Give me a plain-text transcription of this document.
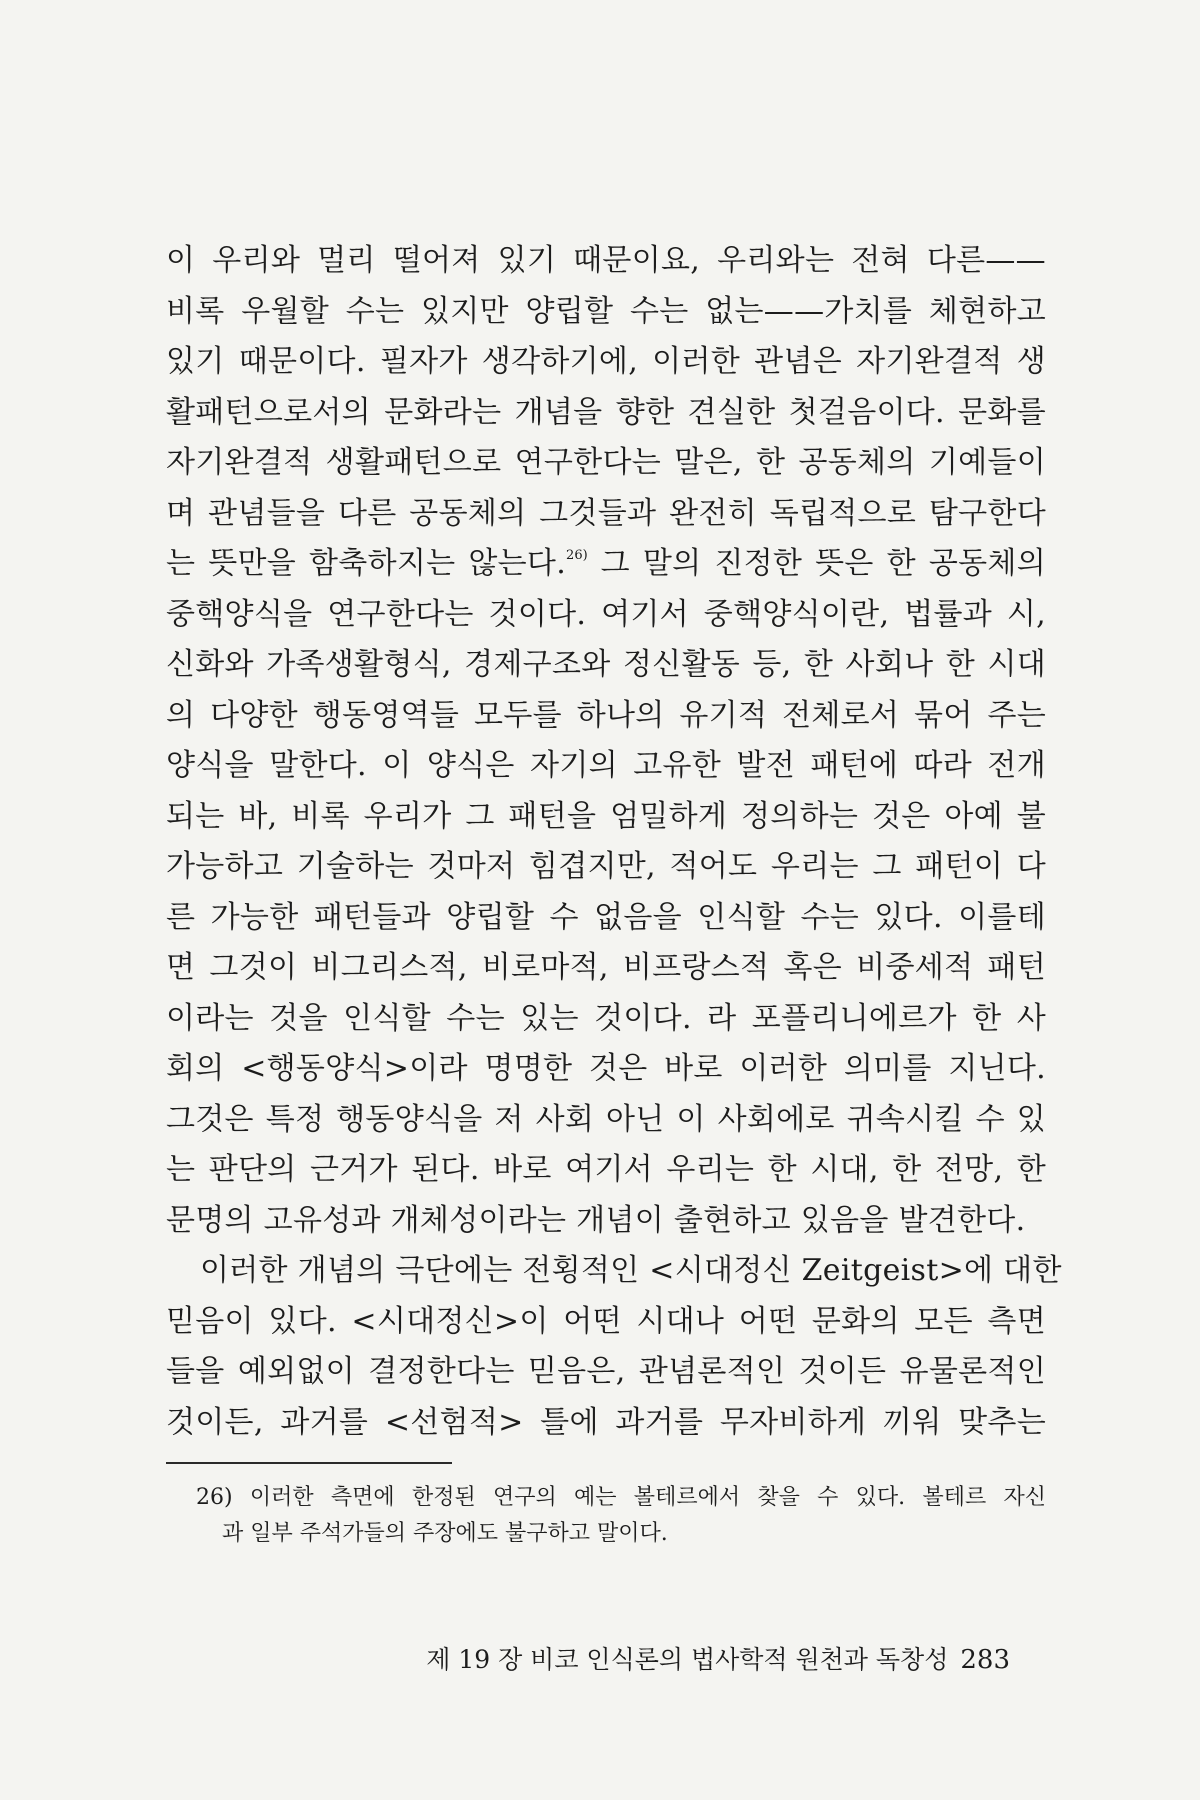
이 우리와 멀리 떨어져 있기 때문이요, 우리와는 전혀 다른——
비록 우월할 수는 있지만 양립할 수는 없는——가치를 체현하고
있기 때문이다. 필자가 생각하기에, 이러한 관념은 자기완결적 생
활패턴으로서의 문화라는 개념을 향한 견실한 첫걸음이다. 문화를
자기완결적 생활패턴으로 연구한다는 말은, 한 공동체의 기예들이
며 관념들을 다른 공동체의 그것들과 완전히 독립적으로 탐구한다
는 뜻만을 함축하지는 않는다.$^{26)}$ 그 말의 진정한 뜻은 한 공동체의
중핵양식을 연구한다는 것이다. 여기서 중핵양식이란, 법률과 시,
신화와 가족생활형식, 경제구조와 정신활동 등, 한 사회나 한 시대
의 다양한 행동영역들 모두를 하나의 유기적 전체로서 묶어 주는
양식을 말한다. 이 양식은 자기의 고유한 발전 패턴에 따라 전개
되는 바, 비록 우리가 그 패턴을 엄밀하게 정의하는 것은 아예 불
가능하고 기술하는 것마저 힘겹지만, 적어도 우리는 그 패턴이 다
른 가능한 패턴들과 양립할 수 없음을 인식할 수는 있다. 이를테
면 그것이 비그리스적, 비로마적, 비프랑스적 혹은 비중세적 패턴
이라는 것을 인식할 수는 있는 것이다. 라 포플리니에르가 한 사
회의 <행동양식>이라 명명한 것은 바로 이러한 의미를 지닌다.
그것은 특정 행동양식을 저 사회 아닌 이 사회에로 귀속시킬 수 있
는 판단의 근거가 된다. 바로 여기서 우리는 한 시대, 한 전망, 한
문명의 고유성과 개체성이라는 개념이 출현하고 있음을 발견한다.
이러한 개념의 극단에는 전횡적인 <시대정신 Zeitgeist>에 대한
믿음이 있다. <시대정신>이 어떤 시대나 어떤 문화의 모든 측면
들을 예외없이 결정한다는 믿음은, 관념론적인 것이든 유물론적인
것이든, 과거를 <선험적> 틀에 과거를 무자비하게 끼워 맞추는
26) 이러한 측면에 한정된 연구의 예는 볼테르에서 찾을 수 있다. 볼테르 자신
과 일부 주석가들의 주장에도 불구하고 말이다.
제 19 장 비코 인식론의 법사학적 원천과 독창성 283
